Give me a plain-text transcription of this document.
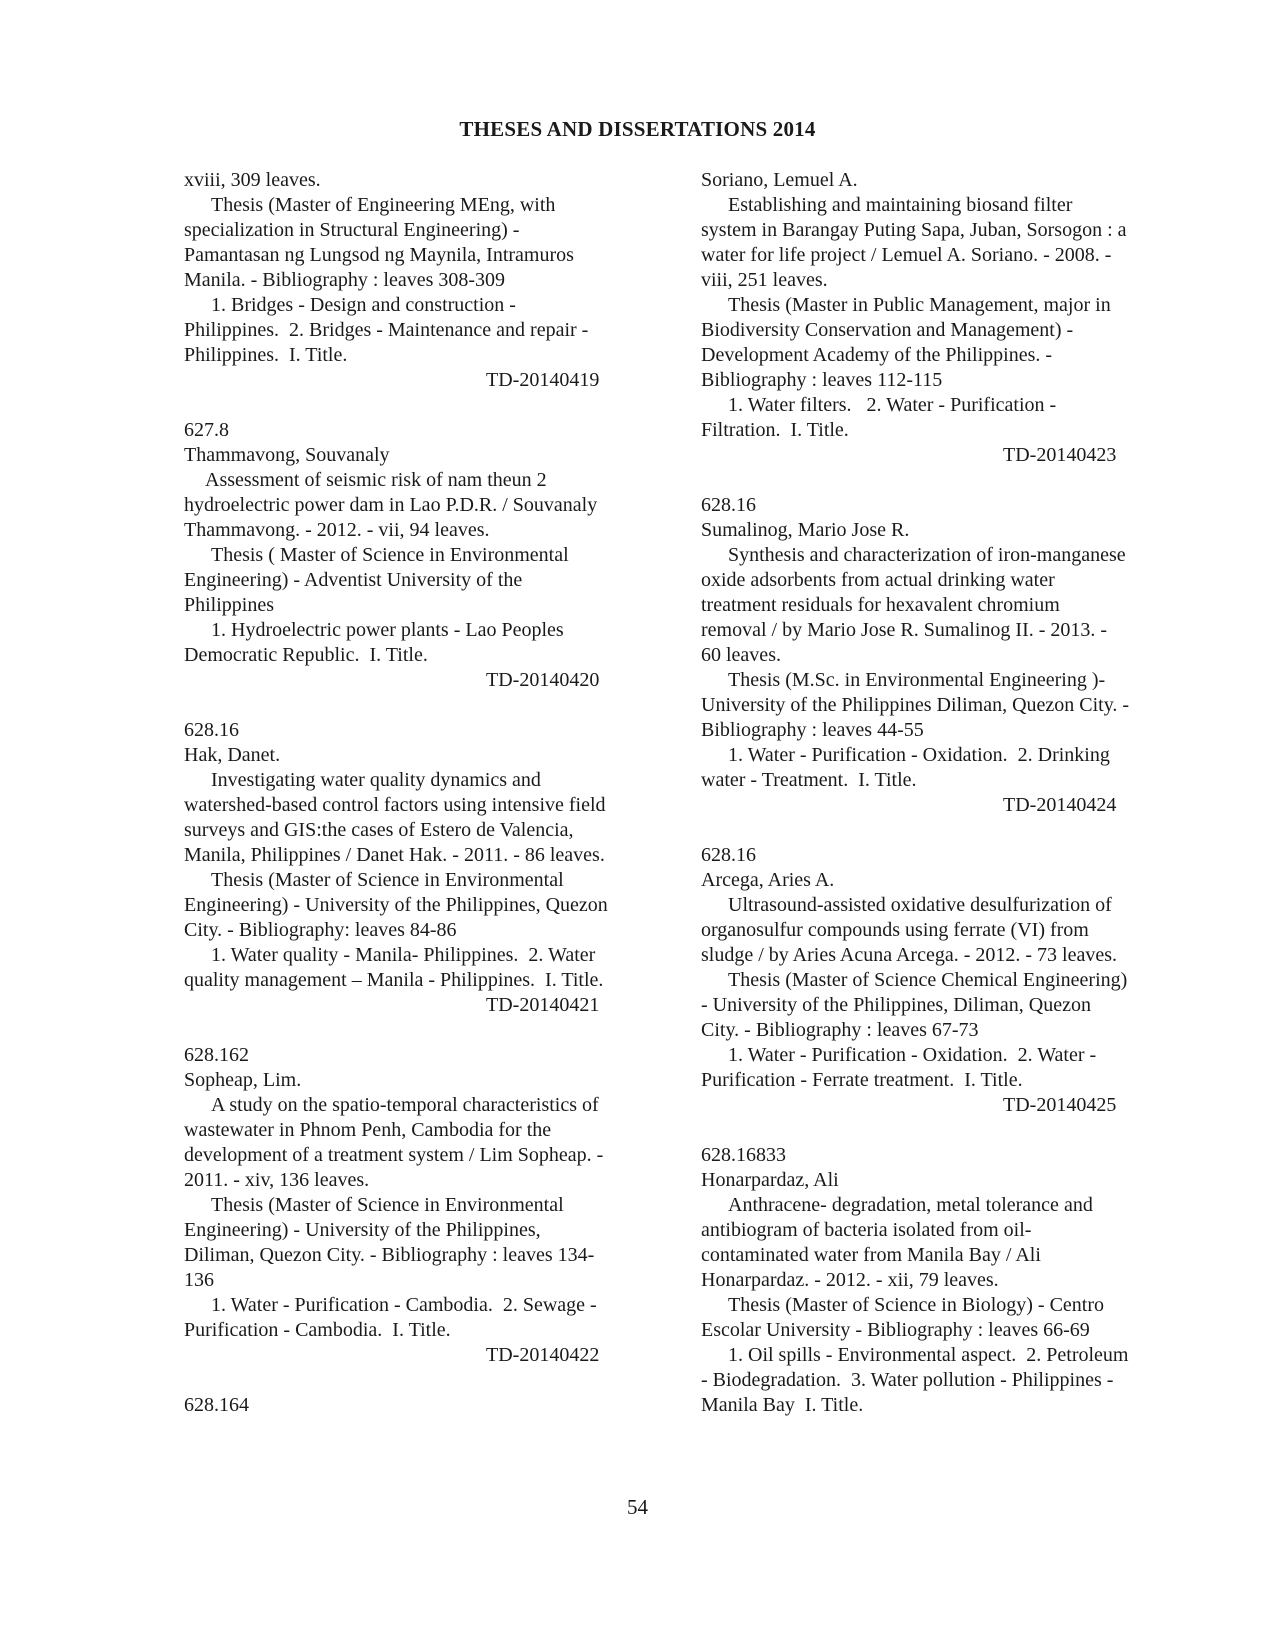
THESES AND DISSERTATIONS 2014
xviii, 309 leaves.
Thesis (Master of Engineering MEng, with
specialization in Structural Engineering) -
Pamantasan ng Lungsod ng Maynila, Intramuros
Manila. - Bibliography : leaves 308-309
1. Bridges - Design and construction -
Philippines.  2. Bridges - Maintenance and repair -
Philippines.  I. Title.
TD-20140419
627.8
Thammavong, Souvanaly
Assessment of seismic risk of nam theun 2
hydroelectric power dam in Lao P.D.R. / Souvanaly
Thammavong. - 2012. - vii, 94 leaves.
Thesis ( Master of Science in Environmental
Engineering) - Adventist University of the
Philippines
1. Hydroelectric power plants - Lao Peoples
Democratic Republic.  I. Title.
TD-20140420
628.16
Hak, Danet.
Investigating water quality dynamics and
watershed-based control factors using intensive field
surveys and GIS:the cases of Estero de Valencia,
Manila, Philippines / Danet Hak. - 2011. - 86 leaves.
Thesis (Master of Science in Environmental
Engineering) - University of the Philippines, Quezon
City. - Bibliography: leaves 84-86
1. Water quality - Manila- Philippines.  2. Water
quality management – Manila - Philippines.  I. Title.
TD-20140421
628.162
Sopheap, Lim.
A study on the spatio-temporal characteristics of
wastewater in Phnom Penh, Cambodia for the
development of a treatment system / Lim Sopheap. -
2011. - xiv, 136 leaves.
Thesis (Master of Science in Environmental
Engineering) - University of the Philippines,
Diliman, Quezon City. - Bibliography : leaves 134-
136
1. Water - Purification - Cambodia.  2. Sewage -
Purification - Cambodia.  I. Title.
TD-20140422
628.164
Soriano, Lemuel A.
Establishing and maintaining biosand filter
system in Barangay Puting Sapa, Juban, Sorsogon : a
water for life project / Lemuel A. Soriano. - 2008. -
viii, 251 leaves.
Thesis (Master in Public Management, major in
Biodiversity Conservation and Management) -
Development Academy of the Philippines. -
Bibliography : leaves 112-115
1. Water filters.   2. Water - Purification -
Filtration.  I. Title.
TD-20140423
628.16
Sumalinog, Mario Jose R.
Synthesis and characterization of iron-manganese
oxide adsorbents from actual drinking water
treatment residuals for hexavalent chromium
removal / by Mario Jose R. Sumalinog II. - 2013. -
60 leaves.
Thesis (M.Sc. in Environmental Engineering )-
University of the Philippines Diliman, Quezon City. -
Bibliography : leaves 44-55
1. Water - Purification - Oxidation.  2. Drinking
water - Treatment.  I. Title.
TD-20140424
628.16
Arcega, Aries A.
Ultrasound-assisted oxidative desulfurization of
organosulfur compounds using ferrate (VI) from
sludge / by Aries Acuna Arcega. - 2012. - 73 leaves.
Thesis (Master of Science Chemical Engineering)
- University of the Philippines, Diliman, Quezon
City. - Bibliography : leaves 67-73
1. Water - Purification - Oxidation.  2. Water -
Purification - Ferrate treatment.  I. Title.
TD-20140425
628.16833
Honarpardaz, Ali
Anthracene- degradation, metal tolerance and
antibiogram of bacteria isolated from oil-
contaminated water from Manila Bay / Ali
Honarpardaz. - 2012. - xii, 79 leaves.
Thesis (Master of Science in Biology) - Centro
Escolar University - Bibliography : leaves 66-69
1. Oil spills - Environmental aspect.  2. Petroleum
- Biodegradation.  3. Water pollution - Philippines -
Manila Bay  I. Title.
54
